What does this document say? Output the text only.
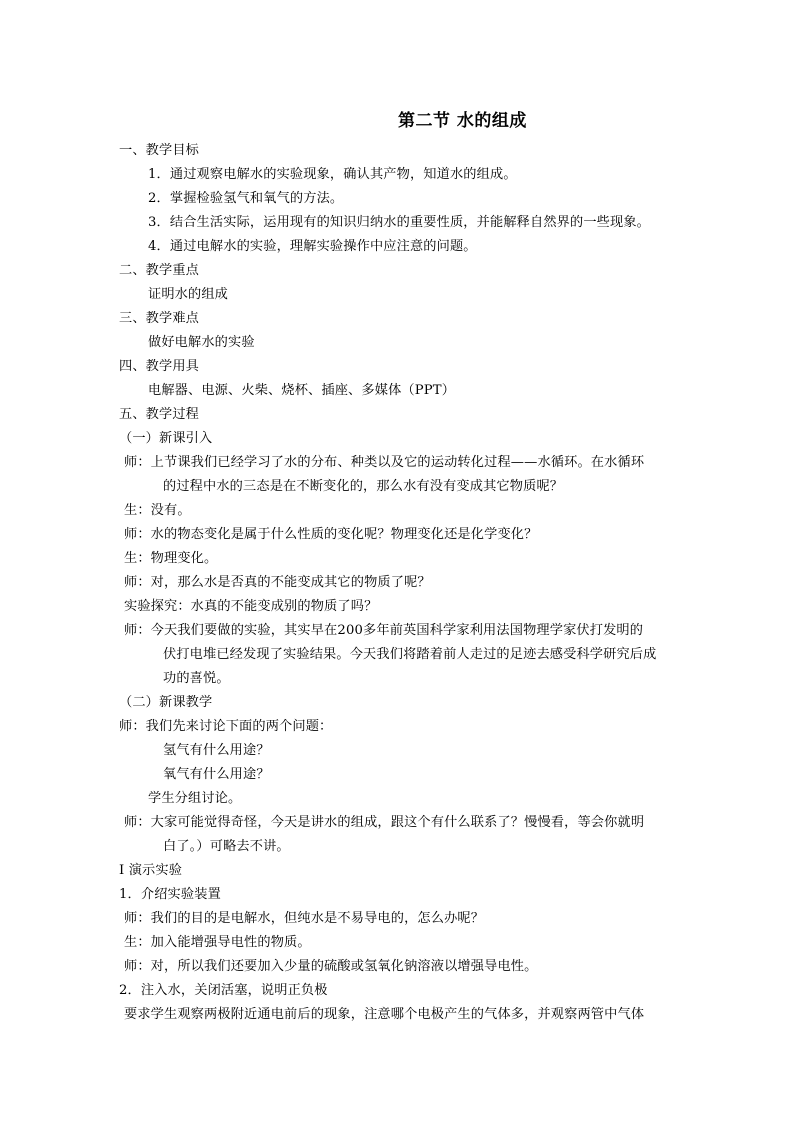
第二节 水的组成
一、教学目标
1．通过观察电解水的实验现象，确认其产物，知道水的组成。
2．掌握检验氢气和氧气的方法。
3．结合生活实际，运用现有的知识归纳水的重要性质，并能解释自然界的一些现象。
4．通过电解水的实验，理解实验操作中应注意的问题。
二、教学重点
证明水的组成
三、教学难点
做好电解水的实验
四、教学用具
电解器、电源、火柴、烧杯、插座、多媒体（PPT）
五、教学过程
（一）新课引入
师：上节课我们已经学习了水的分布、种类以及它的运动转化过程——水循环。在水循环
的过程中水的三态是在不断变化的，那么水有没有变成其它物质呢？
生：没有。
师：水的物态变化是属于什么性质的变化呢？物理变化还是化学变化？
生：物理变化。
师：对，那么水是否真的不能变成其它的物质了呢？
实验探究：水真的不能变成别的物质了吗？
师：今天我们要做的实验，其实早在200多年前英国科学家利用法国物理学家伏打发明的
伏打电堆已经发现了实验结果。今天我们将踏着前人走过的足迹去感受科学研究后成
功的喜悦。
（二）新课教学
师：我们先来讨论下面的两个问题：
氢气有什么用途？
氧气有什么用途？
学生分组讨论。
师：大家可能觉得奇怪，今天是讲水的组成，跟这个有什么联系了？慢慢看，等会你就明
白了。）可略去不讲。
Ⅰ 演示实验
1．介绍实验装置
师：我们的目的是电解水，但纯水是不易导电的，怎么办呢？
生：加入能增强导电性的物质。
师：对，所以我们还要加入少量的硫酸或氢氧化钠溶液以增强导电性。
2．注入水，关闭活塞，说明正负极
要求学生观察两极附近通电前后的现象，注意哪个电极产生的气体多，并观察两管中气体
